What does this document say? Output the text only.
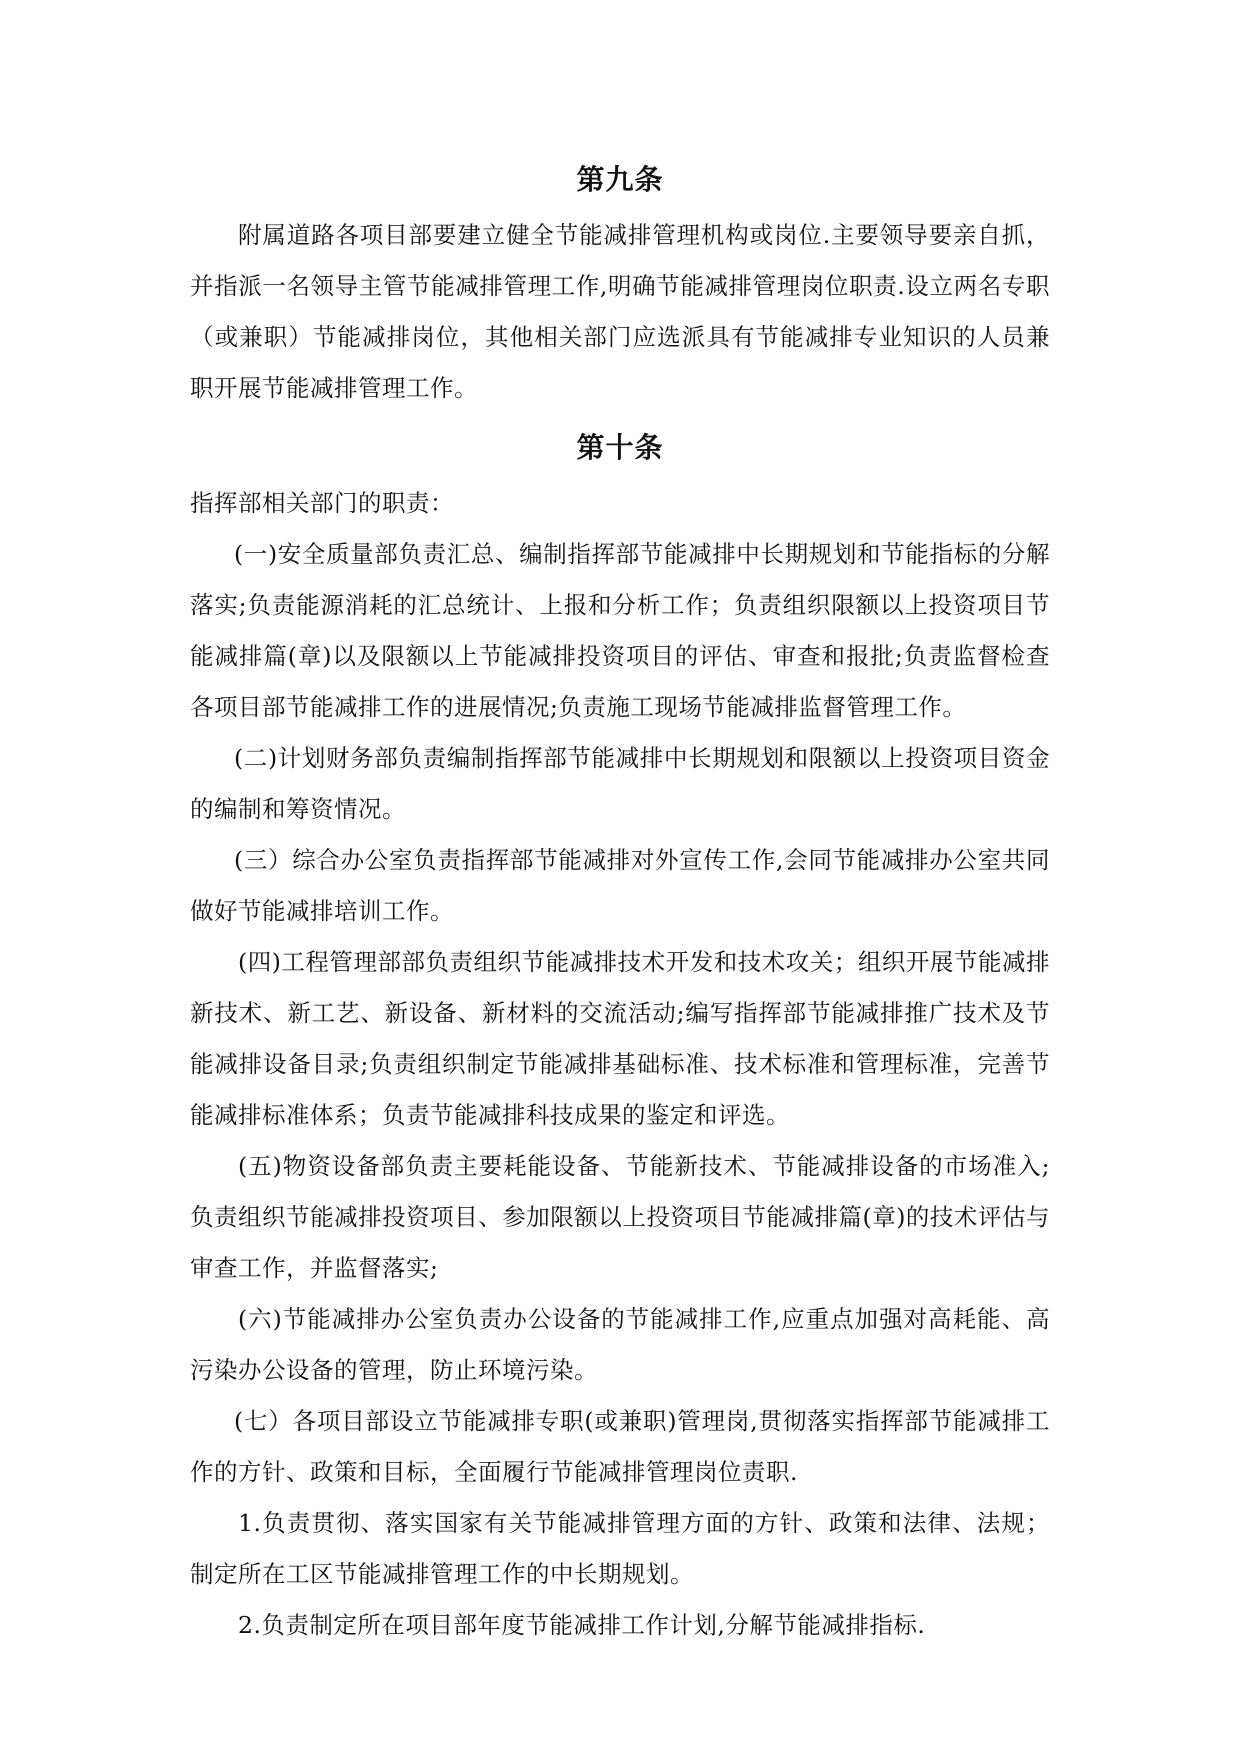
第九条

附属道路各项目部要建立健全节能减排管理机构或岗位.主要领导要亲自抓，并指派一名领导主管节能减排管理工作,明确节能减排管理岗位职责.设立两名专职（或兼职）节能减排岗位，其他相关部门应选派具有节能减排专业知识的人员兼职开展节能减排管理工作。

第十条

指挥部相关部门的职责：

(一)安全质量部负责汇总、编制指挥部节能减排中长期规划和节能指标的分解落实;负责能源消耗的汇总统计、上报和分析工作；负责组织限额以上投资项目节能减排篇(章)以及限额以上节能减排投资项目的评估、审查和报批;负责监督检查各项目部节能减排工作的进展情况;负责施工现场节能减排监督管理工作。

(二)计划财务部负责编制指挥部节能减排中长期规划和限额以上投资项目资金的编制和筹资情况。

(三）综合办公室负责指挥部节能减排对外宣传工作,会同节能减排办公室共同做好节能减排培训工作。

(四)工程管理部部负责组织节能减排技术开发和技术攻关；组织开展节能减排新技术、新工艺、新设备、新材料的交流活动;编写指挥部节能减排推广技术及节能减排设备目录;负责组织制定节能减排基础标准、技术标准和管理标准，完善节能减排标准体系；负责节能减排科技成果的鉴定和评选。

(五)物资设备部负责主要耗能设备、节能新技术、节能减排设备的市场准入;负责组织节能减排投资项目、参加限额以上投资项目节能减排篇(章)的技术评估与审查工作，并监督落实;

(六)节能减排办公室负责办公设备的节能减排工作,应重点加强对高耗能、高污染办公设备的管理，防止环境污染。

(七）各项目部设立节能减排专职(或兼职)管理岗,贯彻落实指挥部节能减排工作的方针、政策和目标，全面履行节能减排管理岗位责职.

1.负责贯彻、落实国家有关节能减排管理方面的方针、政策和法律、法规；制定所在工区节能减排管理工作的中长期规划。

2.负责制定所在项目部年度节能减排工作计划,分解节能减排指标.
